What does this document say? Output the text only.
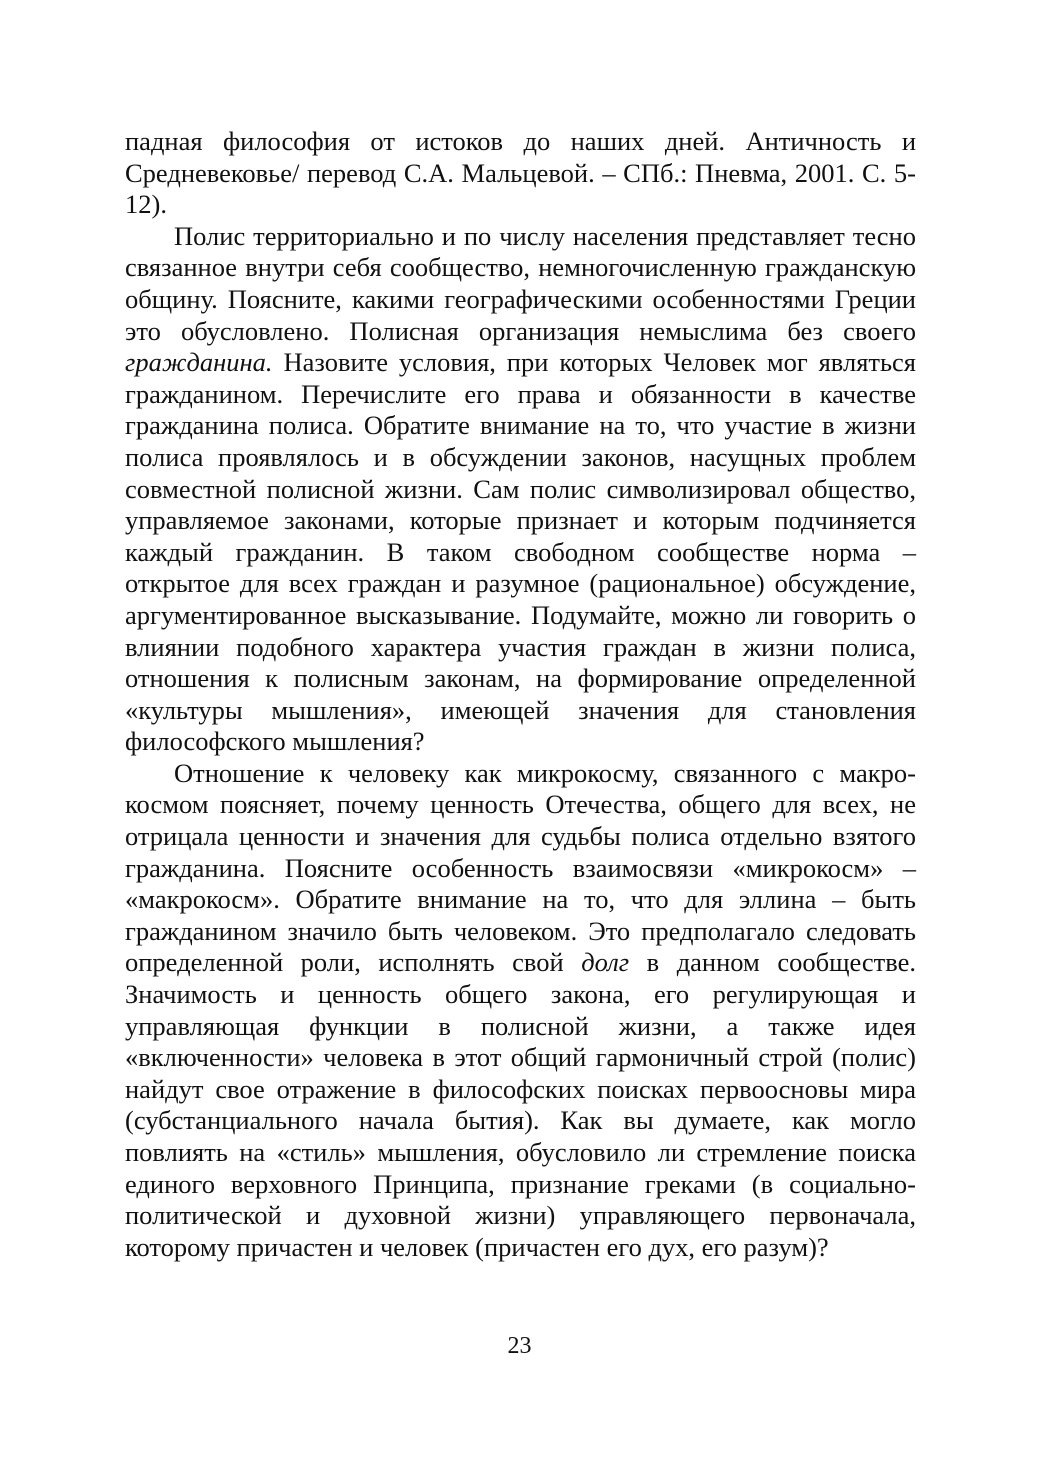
падная философия от истоков до наших дней. Античность и Средневековье/ перевод С.А. Мальцевой. – СПб.: Пневма, 2001. С. 5-12).

Полис территориально и по числу населения представляет тесно связанное внутри себя сообщество, немногочисленную гражданскую общину. Поясните, какими географическими особенностями Греции это обусловлено. Полисная организация немыслима без своего гражданина. Назовите условия, при которых Человек мог являться гражданином. Перечислите его права и обязанности в качестве гражданина полиса. Обратите внимание на то, что участие в жизни полиса проявлялось и в обсуждении законов, насущных проблем совместной полисной жизни. Сам полис символизировал общество, управляемое законами, которые признает и которым подчиняется каждый гражданин. В таком свободном сообществе норма – открытое для всех граждан и разумное (рациональное) обсуждение, аргументированное высказывание. Подумайте, можно ли говорить о влиянии подобного характера участия граждан в жизни полиса, отношения к полисным законам, на формирование определенной «культуры мышления», имеющей значения для становления философского мышления?

Отношение к человеку как микрокосму, связанного с макрокосмом поясняет, почему ценность Отечества, общего для всех, не отрицала ценности и значения для судьбы полиса отдельно взятого гражданина. Поясните особенность взаимосвязи «микрокосм» – «макрокосм». Обратите внимание на то, что для эллина – быть гражданином значило быть человеком. Это предполагало следовать определенной роли, исполнять свой долг в данном сообществе. Значимость и ценность общего закона, его регулирующая и управляющая функции в полисной жизни, а также идея «включенности» человека в этот общий гармоничный строй (полис) найдут свое отражение в философских поисках первоосновы мира (субстанциального начала бытия). Как вы думаете, как могло повлиять на «стиль» мышления, обусловило ли стремление поиска единого верховного Принципа, признание греками (в социально-политической и духовной жизни) управляющего первоначала, которому причастен и человек (причастен его дух, его разум)?

23
